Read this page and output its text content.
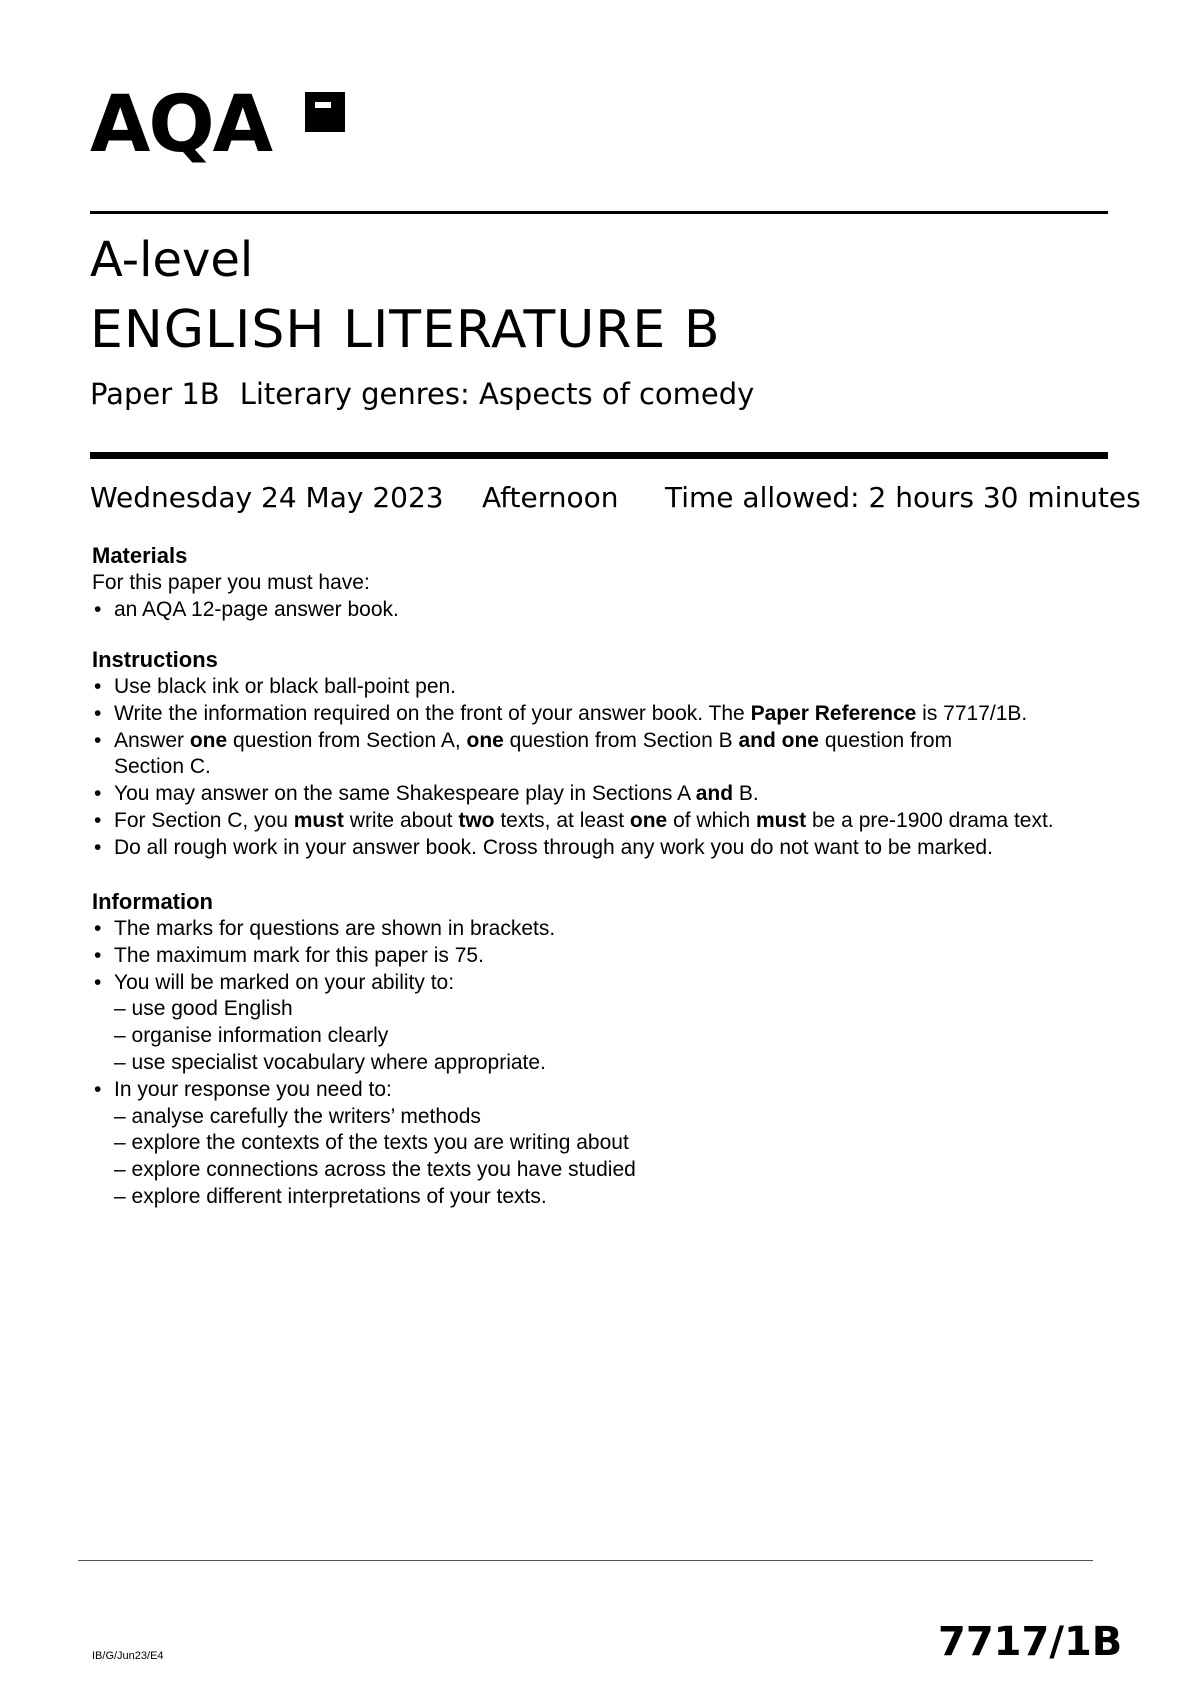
AQA
A-level
ENGLISH LITERATURE B
Paper 1B Literary genres: Aspects of comedy
Wednesday 24 May 2023 Afternoon Time allowed: 2 hours 30 minutes
Materials

For this paper you must have:

• an AQA 12-page answer book.
Instructions
• Use black ink or black ball-point pen.
• Write the information required on the front of your answer book. The Paper Reference is 7717/1B.
• Answer one question from Section A, one question from Section B and one question from Section C.
• You may answer on the same Shakespeare play in Sections A and B.
• For Section C, you must write about two texts, at least one of which must be a pre-1900 drama text.
• Do all rough work in your answer book. Cross through any work you do not want to be marked.
Information
• The marks for questions are shown in brackets.
• The maximum mark for this paper is 75.
• You will be marked on your ability to:
– use good English
– organise information clearly
– use specialist vocabulary where appropriate.
• In your response you need to:
– analyse carefully the writers’ methods
– explore the contexts of the texts you are writing about
– explore connections across the texts you have studied
– explore different interpretations of your texts.
IB/G/Jun23/E4	7717/1B
